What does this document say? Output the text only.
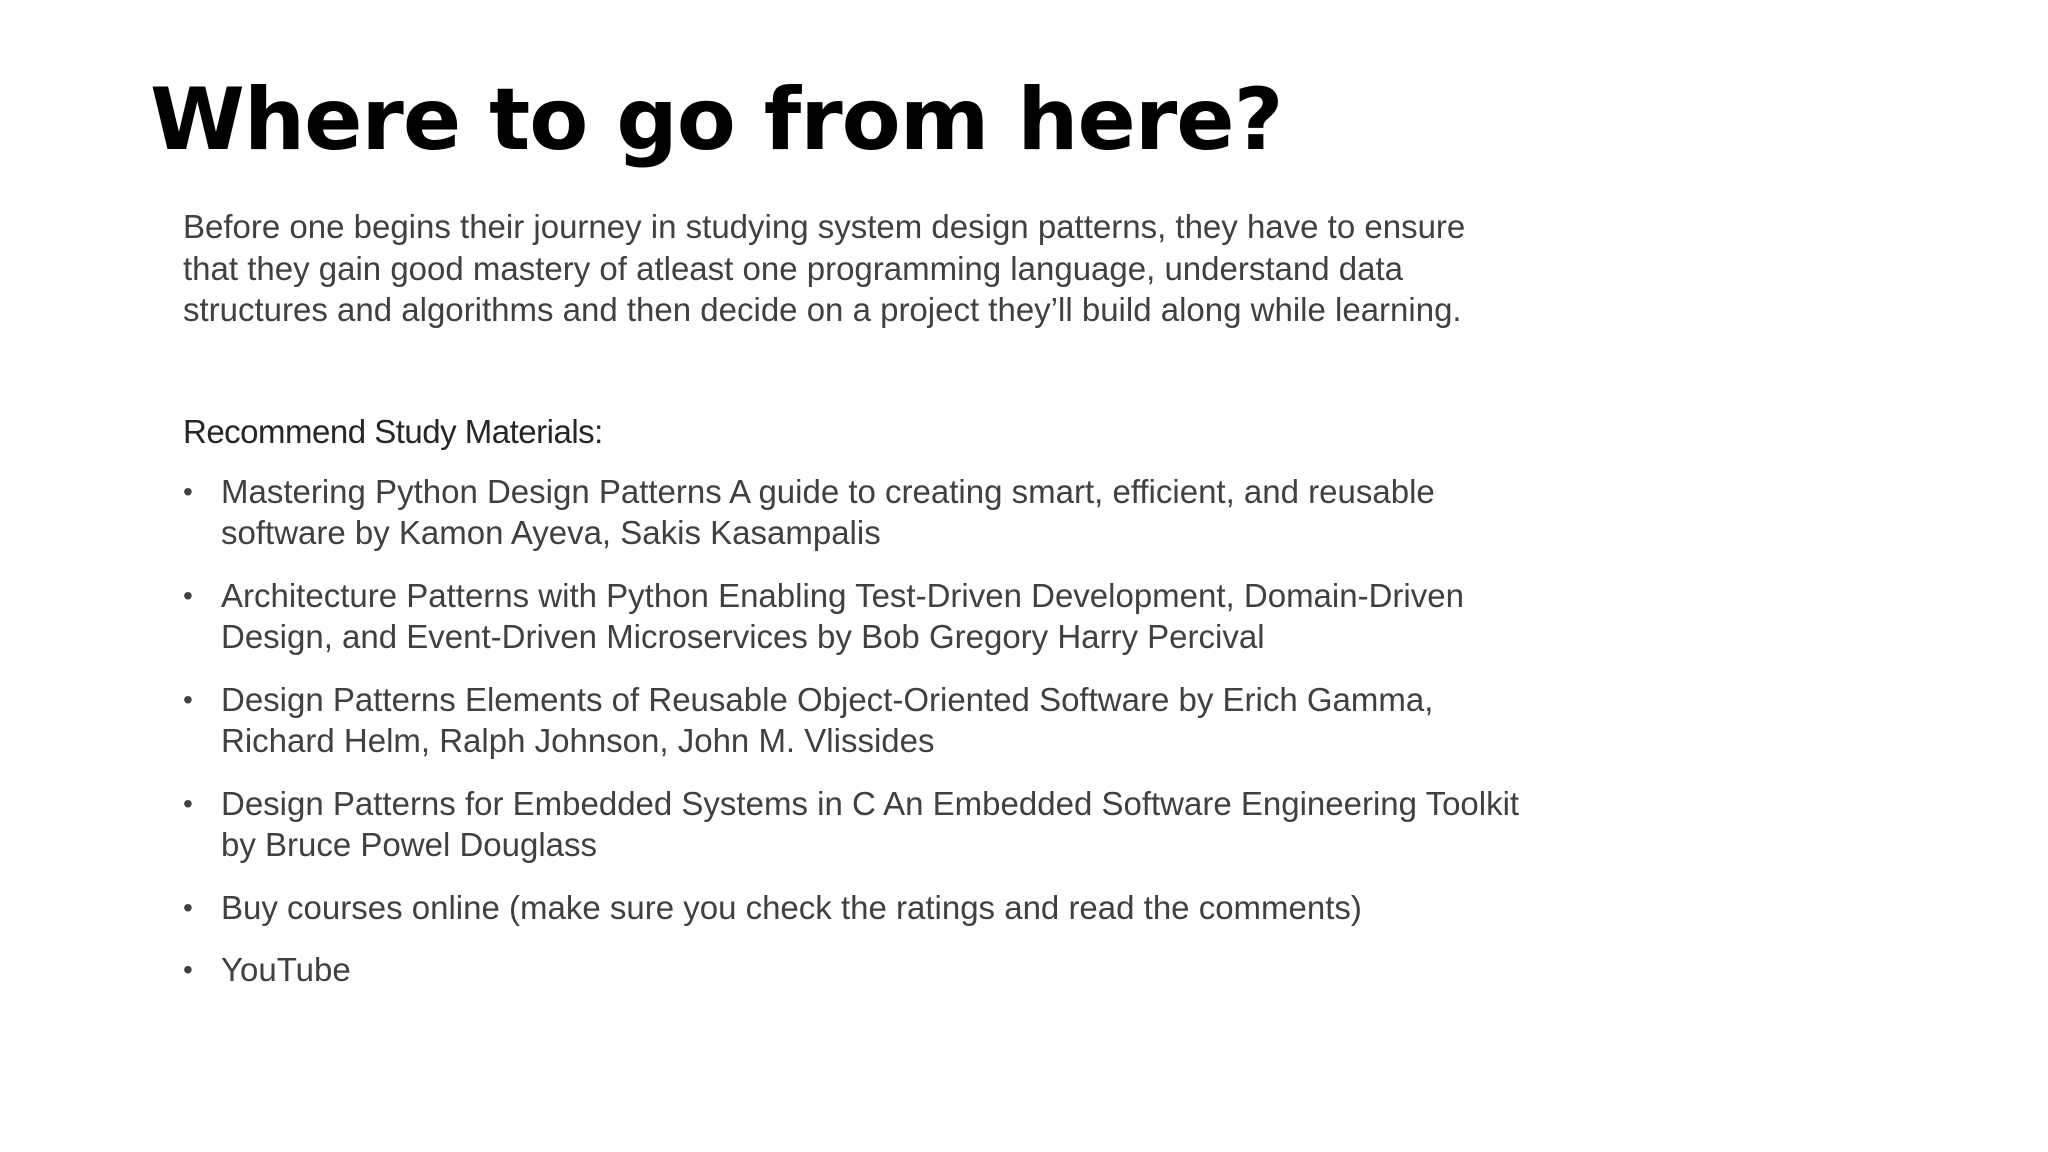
Where to go from here?

Before one begins their journey in studying system design patterns, they have to ensure that they gain good mastery of atleast one programming language, understand data structures and algorithms and then decide on a project they’ll build along while learning.

Recommend Study Materials:

• Mastering Python Design Patterns A guide to creating smart, efficient, and reusable software by Kamon Ayeva, Sakis Kasampalis
• Architecture Patterns with Python Enabling Test-Driven Development, Domain-Driven Design, and Event-Driven Microservices by Bob Gregory Harry Percival
• Design Patterns Elements of Reusable Object-Oriented Software by Erich Gamma, Richard Helm, Ralph Johnson, John M. Vlissides
• Design Patterns for Embedded Systems in C An Embedded Software Engineering Toolkit by Bruce Powel Douglass
• Buy courses online (make sure you check the ratings and read the comments)
• YouTube
